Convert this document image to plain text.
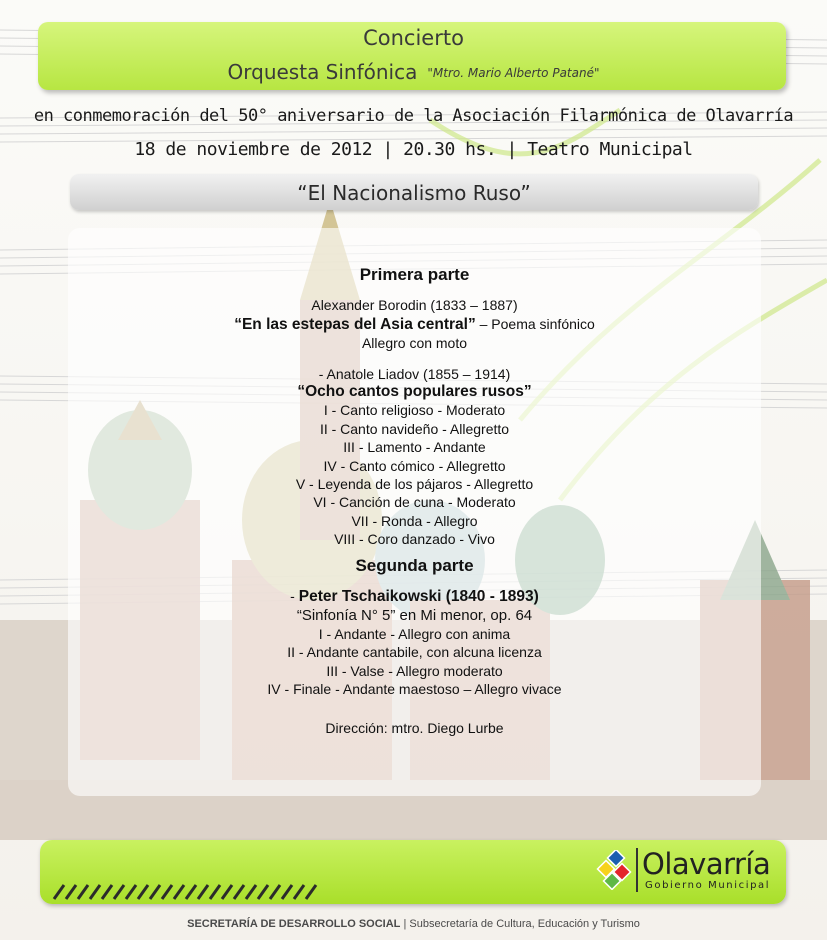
Concierto
Orquesta Sinfónica "Mtro. Mario Alberto Patané"
en conmemoración del 50° aniversario de la Asociación Filarmónica de Olavarría
18 de noviembre de 2012 | 20.30 hs. | Teatro Municipal
“El Nacionalismo Ruso”
Primera parte
Alexander Borodin (1833 – 1887)
“En las estepas del Asia central” – Poema sinfónico
Allegro con moto
- Anatole Liadov (1855 – 1914)
“Ocho cantos populares rusos”
I - Canto religioso - Moderato
II - Canto navideño - Allegretto
III - Lamento - Andante
IV - Canto cómico - Allegretto
V - Leyenda de los pájaros - Allegretto
VI - Canción de cuna - Moderato
VII - Ronda - Allegro
VIII - Coro danzado - Vivo
Segunda parte
- Peter Tschaikowski (1840 - 1893)
“Sinfonía N° 5” en Mi menor, op. 64
I - Andante - Allegro con anima
II - Andante cantabile, con alcuna licenza
III - Valse - Allegro moderato
IV - Finale - Andante maestoso – Allegro vivace
Dirección: mtro. Diego Lurbe
Olavarría
Gobierno Municipal
SECRETARÍA DE DESARROLLO SOCIAL | Subsecretaría de Cultura, Educación y Turismo
